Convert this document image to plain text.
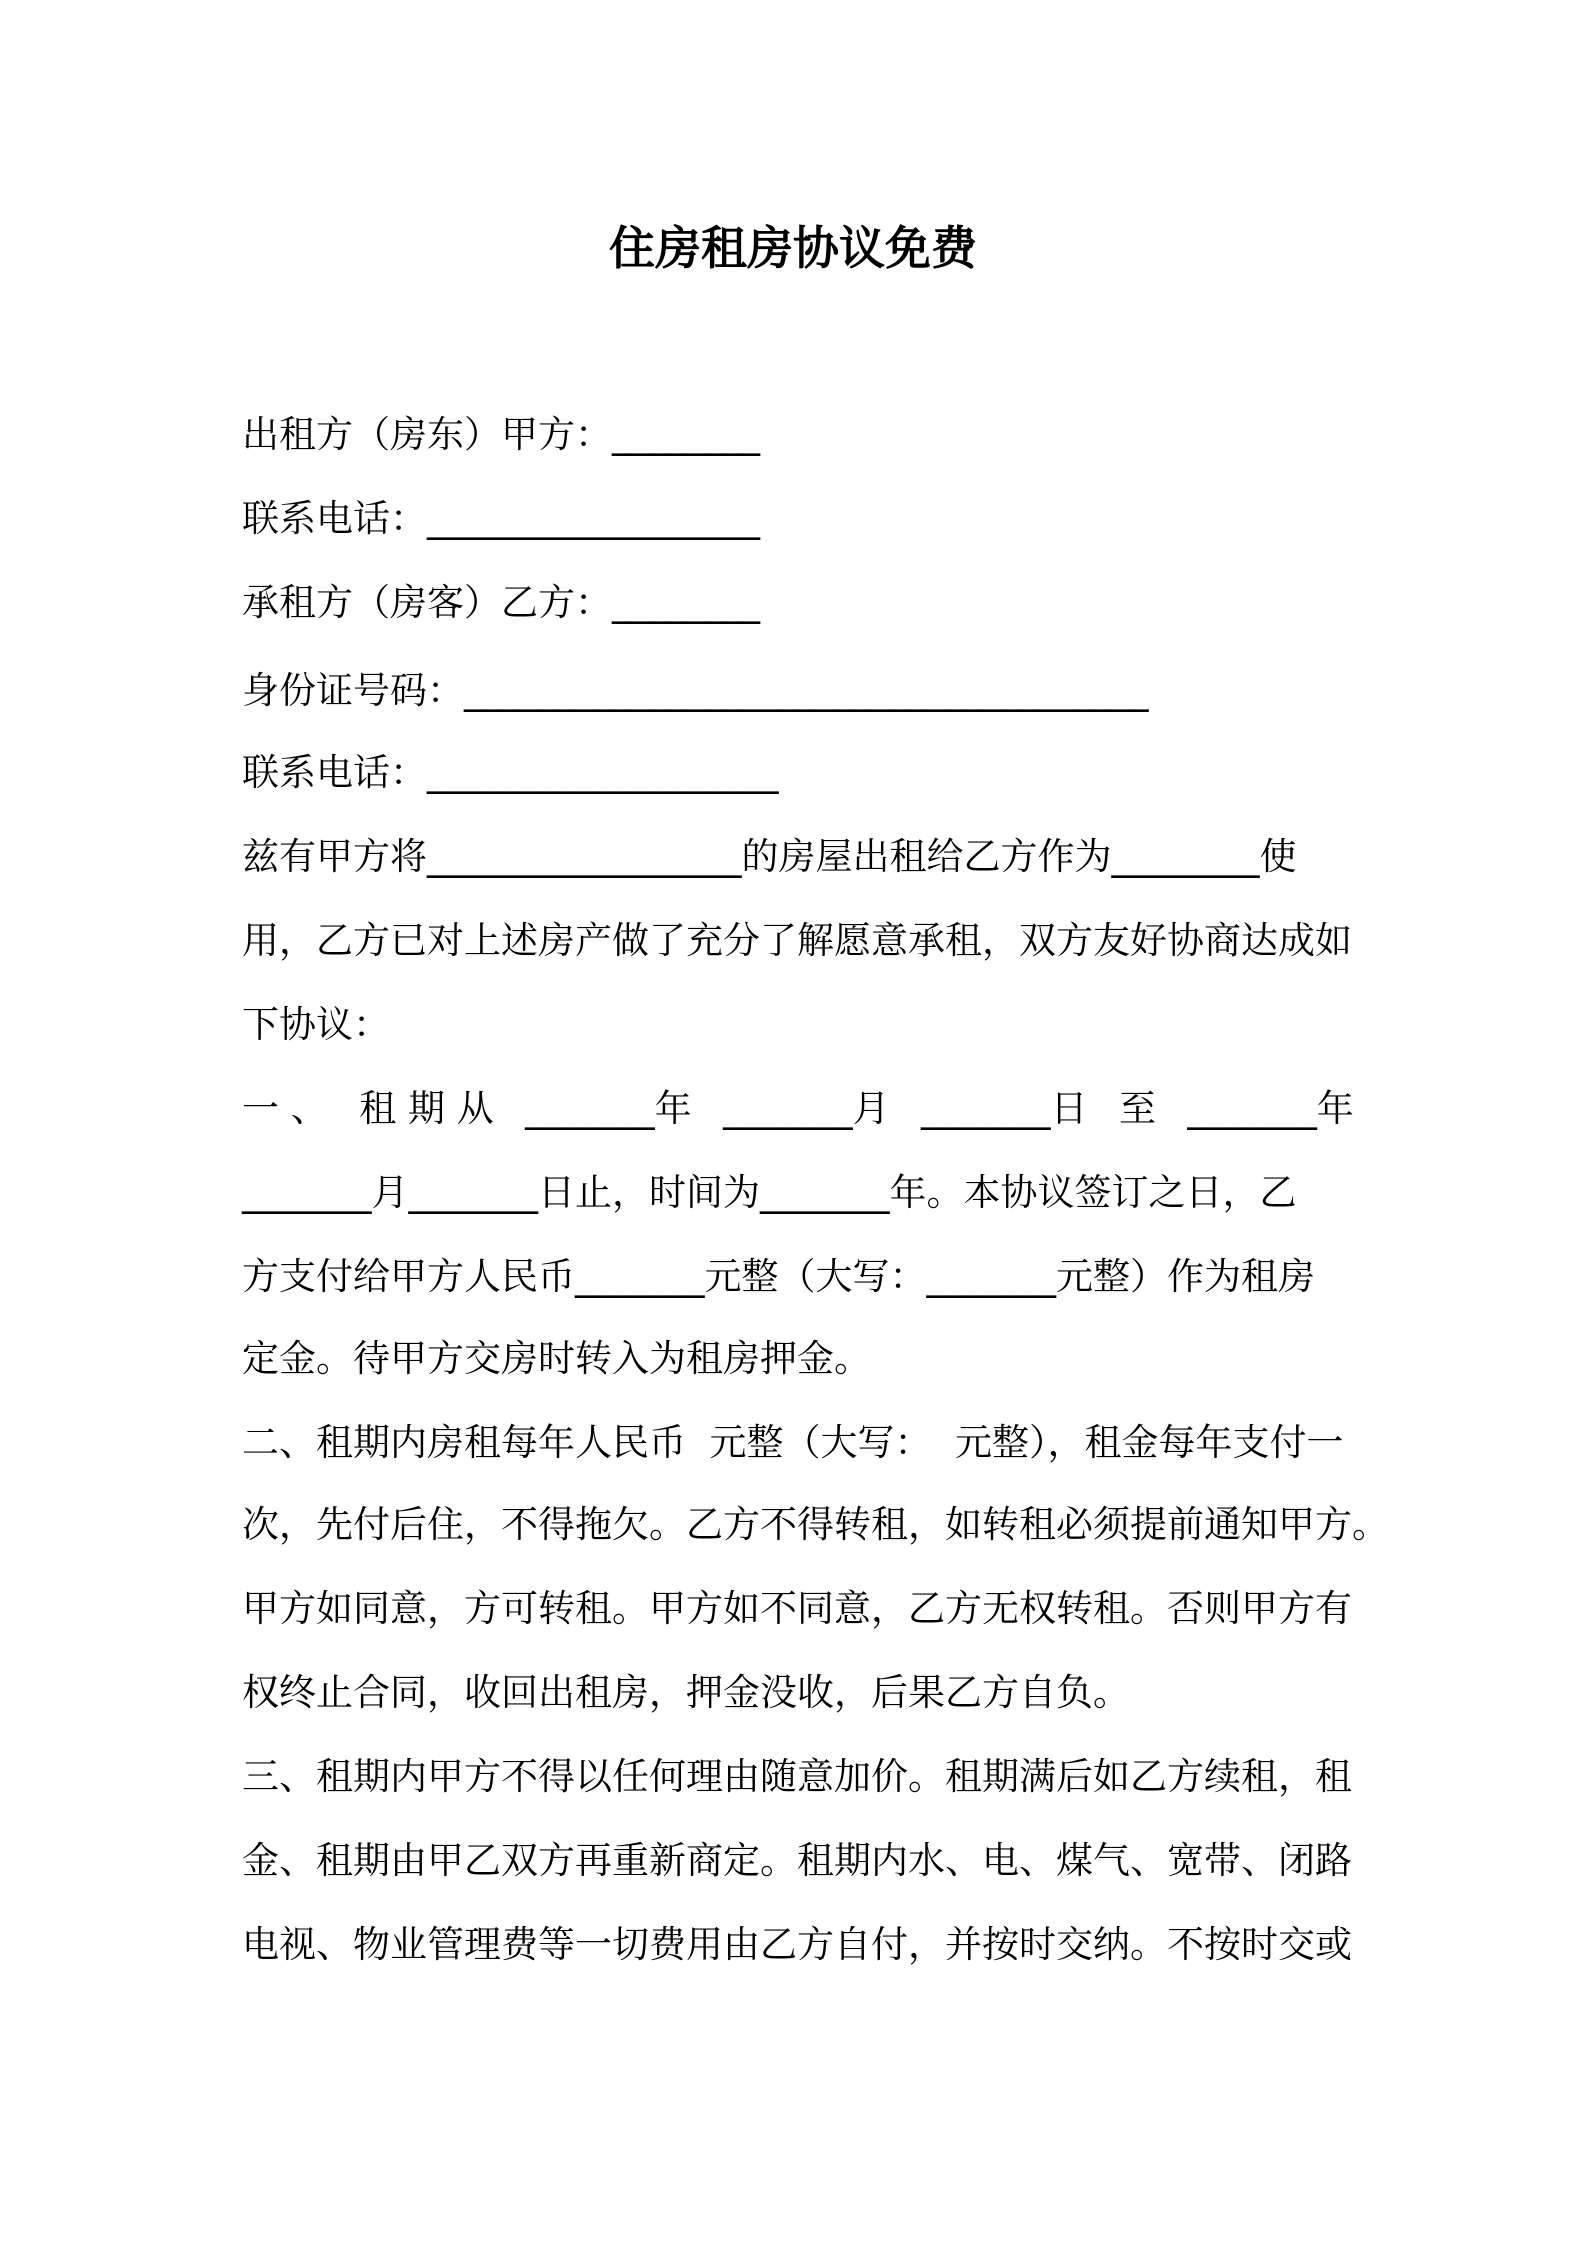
住房租房协议免费
出租方（房东）甲方：________
联系电话：__________________
承租方（房客）乙方：________
身份证号码：_____________________________________
联系电话：___________________
兹有甲方将_________________的房屋出租给乙方作为________使
用，乙方已对上述房产做了充分了解愿意承租，双方友好协商达成如
下协议：
一 、 租 期 从 _______年 _______月 _______日 至 _______年
_______月_______日止，时间为_______年。本协议签订之日，乙
方支付给甲方人民币_______元整（大写：_______元整）作为租房
定金。待甲方交房时转入为租房押金。
二、租期内房租每年人民币  元整（大写：  元整），租金每年支付一
次，先付后住，不得拖欠。乙方不得转租，如转租必须提前通知甲方。
甲方如同意，方可转租。甲方如不同意，乙方无权转租。否则甲方有
权终止合同，收回出租房，押金没收，后果乙方自负。
三、租期内甲方不得以任何理由随意加价。租期满后如乙方续租，租
金、租期由甲乙双方再重新商定。租期内水、电、煤气、宽带、闭路
电视、物业管理费等一切费用由乙方自付，并按时交纳。不按时交或
